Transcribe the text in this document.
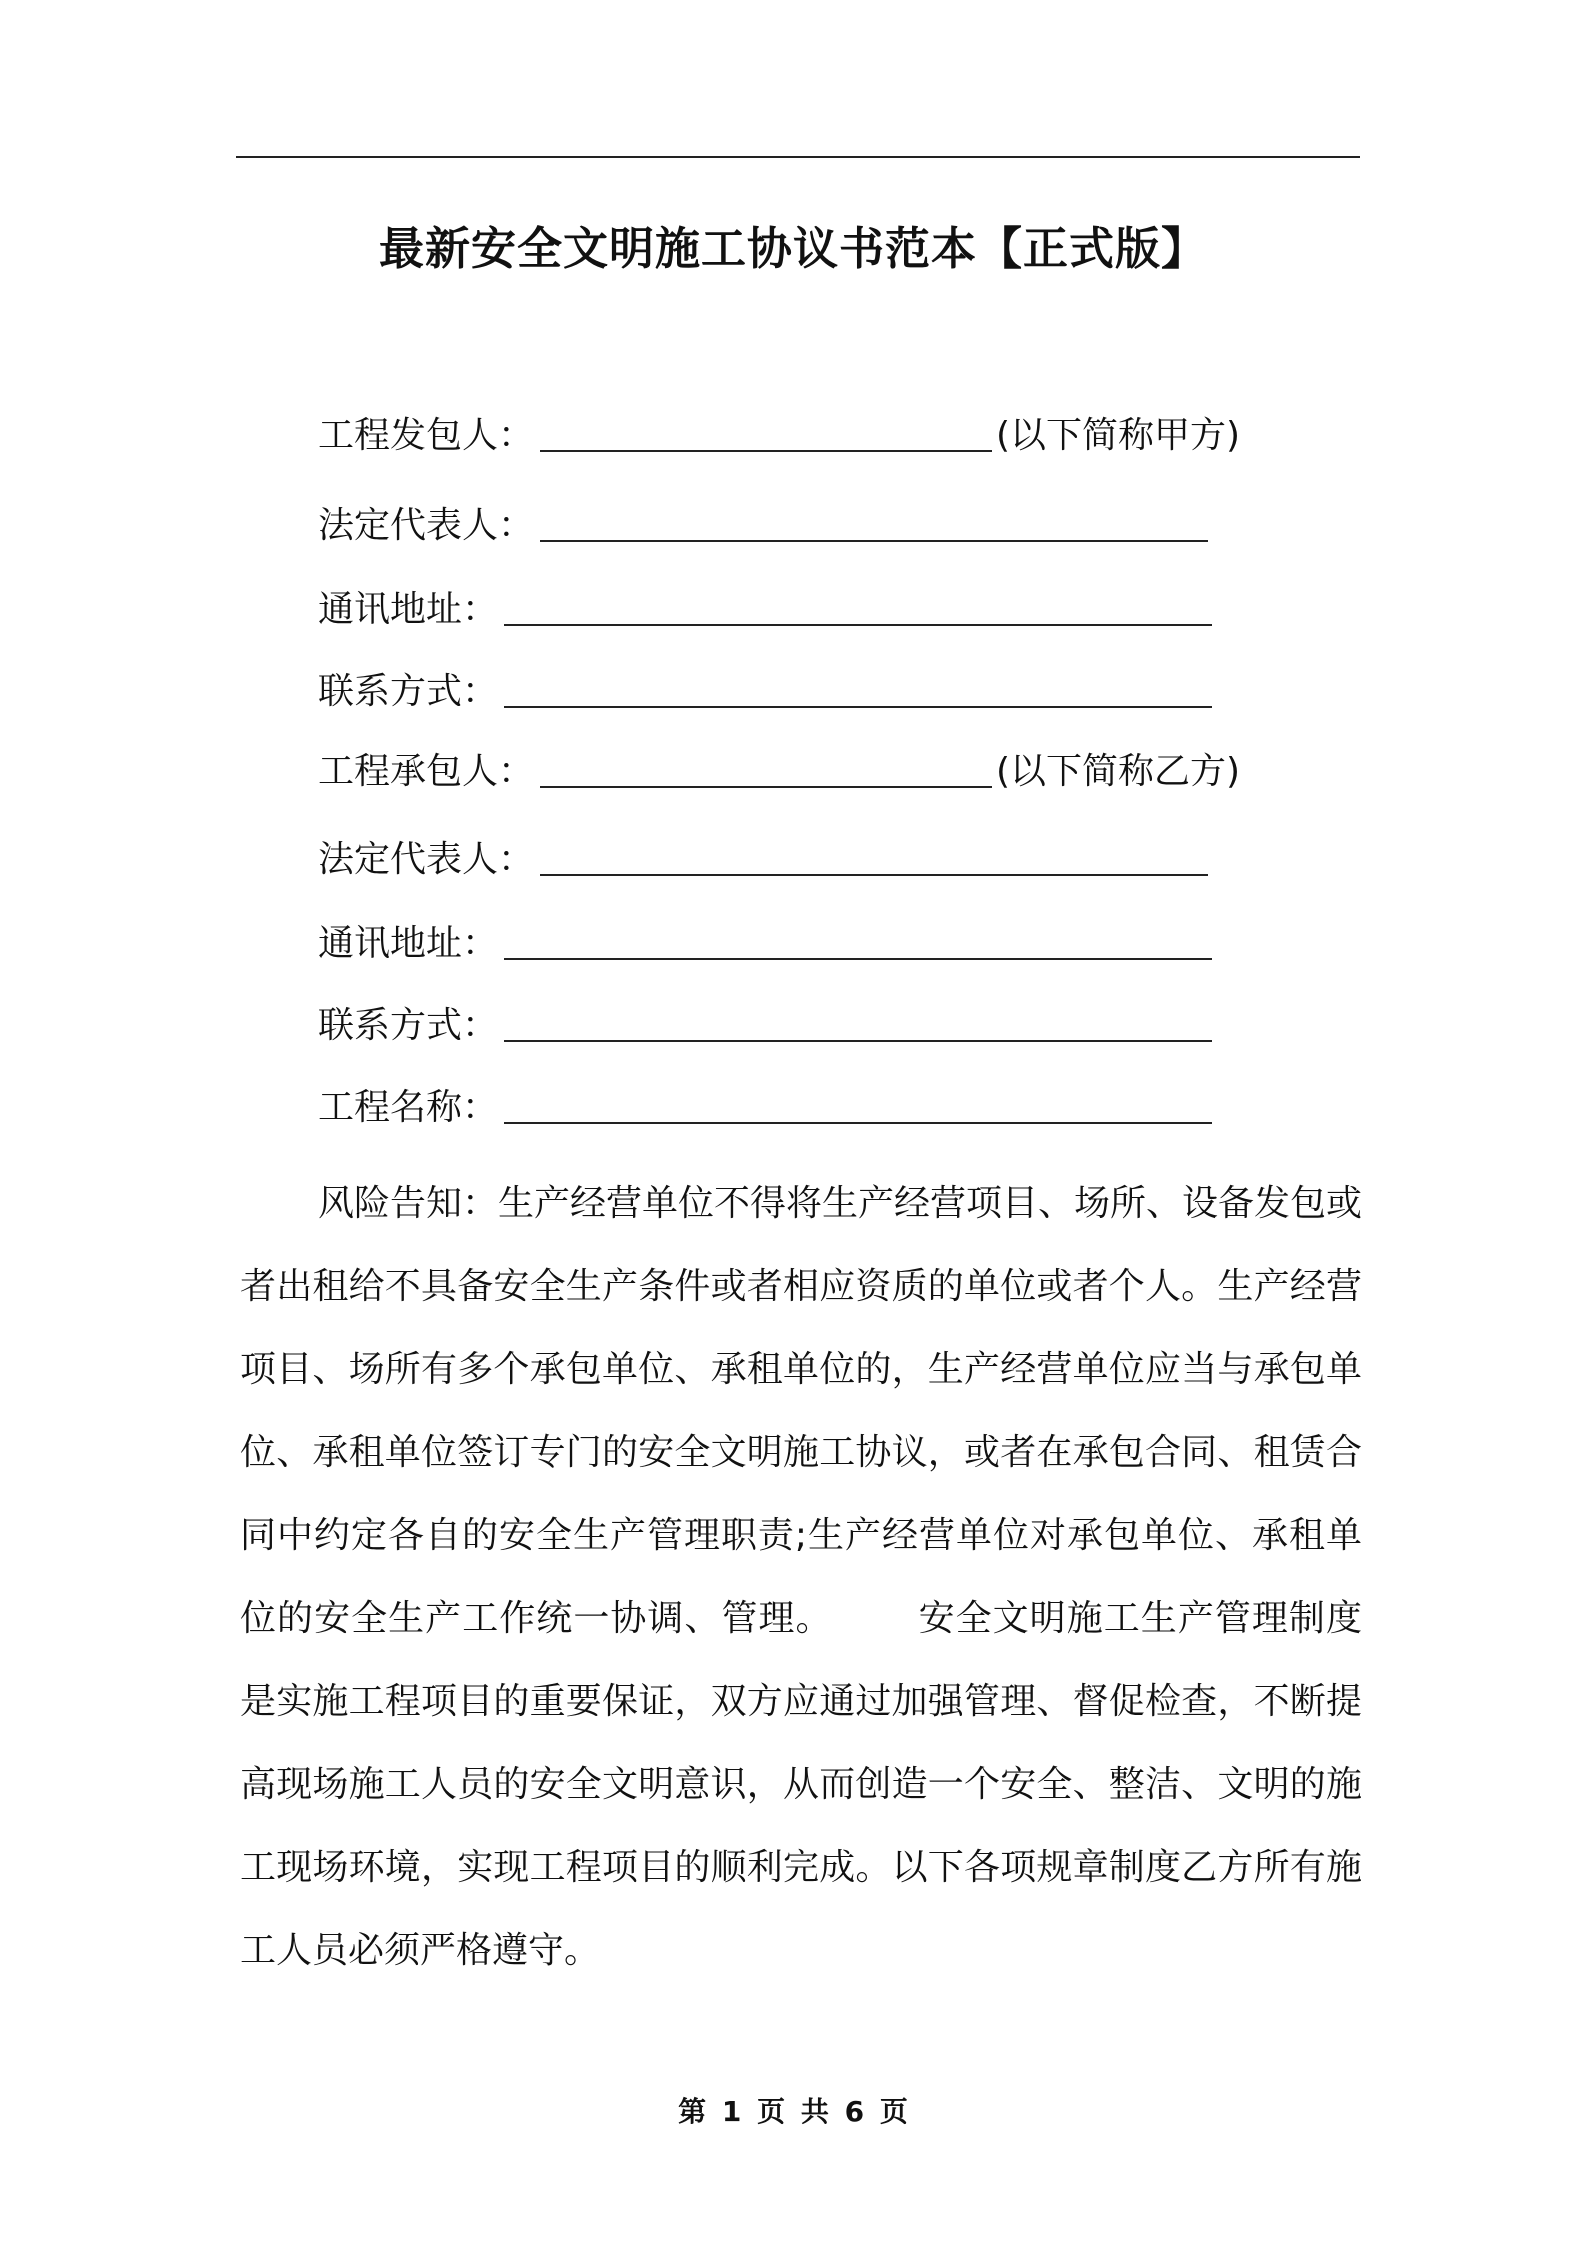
最新安全文明施工协议书范本【正式版】
工程发包人：	(以下简称甲方)
法定代表人：
通讯地址：
联系方式：
工程承包人：	(以下简称乙方)
法定代表人：
通讯地址：
联系方式：
工程名称：

风险告知：生产经营单位不得将生产经营项目、场所、设备发包或者出租给不具备安全生产条件或者相应资质的单位或者个人。生产经营项目、场所有多个承包单位、承租单位的，生产经营单位应当与承包单位、承租单位签订专门的安全文明施工协议，或者在承包合同、租赁合同中约定各自的安全生产管理职责;生产经营单位对承包单位、承租单位的安全生产工作统一协调、管理。 安全文明施工生产管理制度是实施工程项目的重要保证，双方应通过加强管理、督促检查，不断提高现场施工人员的安全文明意识，从而创造一个安全、整洁、文明的施工现场环境，实现工程项目的顺利完成。以下各项规章制度乙方所有施工人员必须严格遵守。

第 1 页 共 6 页
